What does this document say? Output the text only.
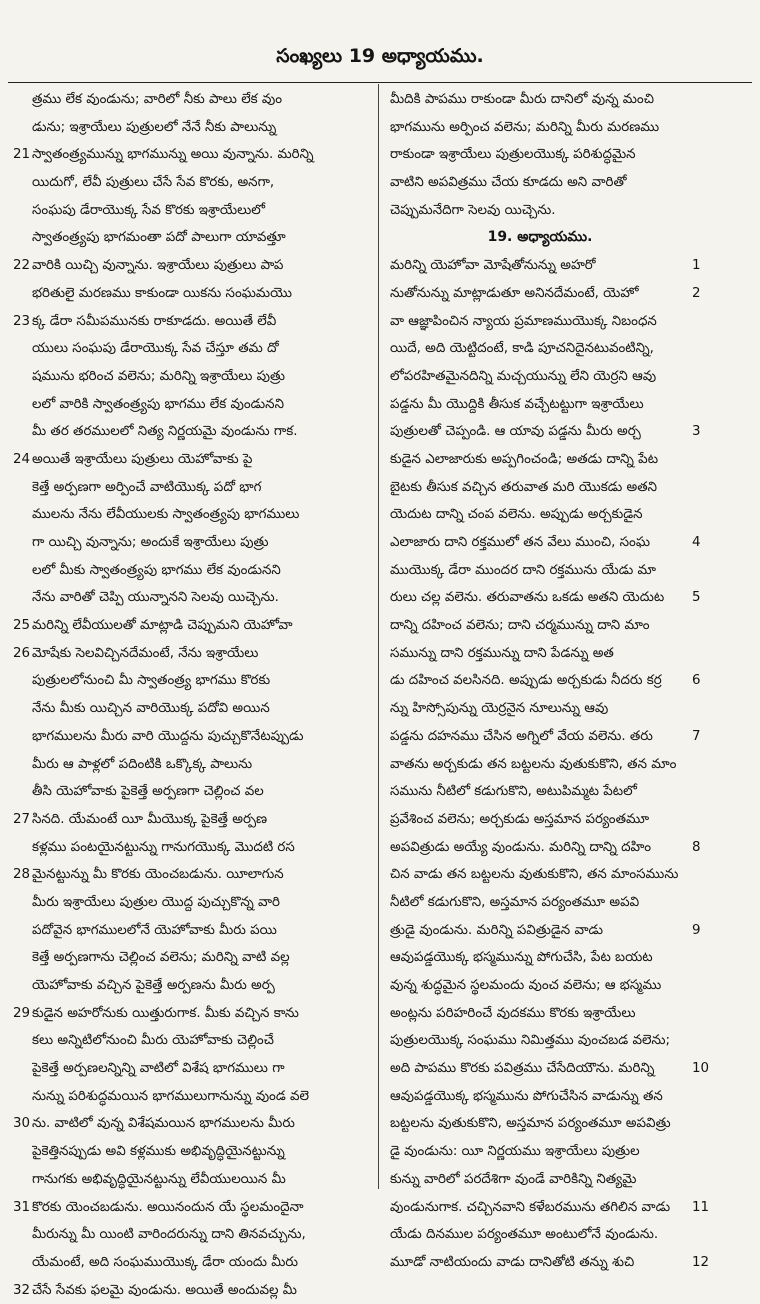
సంఖ్యలు 19 అధ్యాయము.
21
22
23
24
25
26
27
28
29
30
31
32
త్రము లేక వుండును; వారిలో నీకు పాలు లేక వుం
డును; ఇశ్రాయేలు పుత్రులలో నేనే నీకు పాలున్ను
స్వాతంత్ర్యమున్ను భాగమున్ను అయి వున్నాను. మరిన్ని
యిదుగో, లేవీ పుత్రులు చేసే సేవ కొరకు, అనగా,
సంఘపు డేరాయొక్క సేవ కొరకు ఇశ్రాయేలులో
స్వాతంత్ర్యపు భాగమంతా పదో పాలుగా యావత్తూ
వారికి యిచ్చి వున్నాను. ఇశ్రాయేలు పుత్రులు పాప
భరితులై మరణము కాకుండా యికను సంఘమయొ
క్క డేరా సమీపమునకు రాకూడదు. అయితే లేవీ
యులు సంఘపు డేరాయొక్క సేవ చేస్తూ తమ దో
షమును భరించ వలెను; మరిన్ని ఇశ్రాయేలు పుత్రు
లలో వారికి స్వాతంత్ర్యపు భాగము లేక వుండునని
మీ తర తరములలో నిత్య నిర్ణయమై వుండును గాక.
అయితే ఇశ్రాయేలు పుత్రులు యెహోవాకు పై
కెత్తే అర్పణగా అర్పించే వాటియొక్క పదో భాగ
ములను నేను లేవీయులకు స్వాతంత్ర్యపు భాగములు
గా యిచ్చి వున్నాను; అందుకే ఇశ్రాయేలు పుత్రు
లలో మీకు స్వాతంత్ర్యపు భాగము లేక వుండునని
నేను వారితో చెప్పి యున్నానని సెలవు యిచ్చెను.
మరిన్ని లేవీయులతో మాట్లాడి చెప్పుమని యెహోవా
మోషేకు సెలవిచ్చినదేమంటే, నేను ఇశ్రాయేలు
పుత్రులలోనుంచి మీ స్వాతంత్ర్య భాగము కొరకు
నేను మీకు యిచ్చిన వారియొక్క పదోవి అయిన
భాగములను మీరు వారి యొద్దను పుచ్చుకొనేటప్పుడు
మీరు ఆ పాళ్లలో పదింటికి ఒక్కొక్క పాలును
తీసి యెహోవాకు పైకెత్తే అర్పణగా చెల్లించ వల
సినది. యేమంటే యీ మీయొక్క పైకెత్తే అర్పణ
కళ్లము పంటయైనట్టున్ను గానుగయొక్క మొదటి రస
మైనట్టున్ను మీ కొరకు యెంచబడును. యీలాగున
మీరు ఇశ్రాయేలు పుత్రుల యొద్ద పుచ్చుకొన్న వారి
పదోవైన భాగములలోనే యెహోవాకు మీరు పయి
కెత్తే అర్పణగాను చెల్లించ వలెను; మరిన్ని వాటి వల్ల
యెహోవాకు వచ్చిన పైకెత్తే అర్పణను మీరు అర్ప
కుడైన అహరోనుకు యిత్తురుగాక. మీకు వచ్చిన కాను
కలు అన్నిటిలోనుంచి మీరు యెహోవాకు చెల్లించే
పైకెత్తే అర్పణలన్నిన్ని వాటిలో విశేష భాగములు గా
నున్ను పరిశుద్ధమయిన భాగములుగానున్ను వుండ వలె
ను. వాటిలో వున్న విశేషమయిన భాగములను మీరు
పైకెత్తినప్పుడు అవి కళ్లముకు అభివృద్ధియైనట్టున్ను
గానుగకు అభివృద్ధియైనట్టున్ను లేవీయులయిన మీ
కొరకు యెంచబడును. అయినందున యే స్థలమందైనా
మీరున్ను మీ యింటి వారిందరున్ను దాని తినవచ్చును,
యేమంటే, అది సంఘముయొక్క డేరా యందు మీరు
చేసే సేవకు ఫలమై వుండును. అయితే అందువల్ల మీ
మీదికి పాపము రాకుండా మీరు దానిలో వున్న మంచి
భాగమును అర్పించ వలెను; మరిన్ని మీరు మరణము
రాకుండా ఇశ్రాయేలు పుత్రులయొక్క పరిశుద్ధమైన
వాటిని అపవిత్రము చేయ కూడదు అని వారితో
చెప్పుమనేదిగా సెలవు యిచ్చెను.
19. అధ్యాయము.
మరిన్ని యెహోవా మోషేతోనున్ను అహరో
నుతోనున్ను మాట్లాడుతూ అనినదేమంటే, యెహో
వా ఆజ్ఞాపించిన న్యాయ ప్రమాణముయొక్క నిబంధన
యిదే, అది యెట్టిదంటే, కాడి పూచనిదైనటువంటిన్ని,
లోపరహితమైనదిన్ని మచ్చయున్ను లేని యెర్రని ఆవు
పడ్డను మీ యొద్దికి తీసుక వచ్చేటట్టుగా ఇశ్రాయేలు
పుత్రులతో చెప్పండి. ఆ యావు పడ్డను మీరు అర్చ
కుడైన ఎలాజారుకు అప్పగించండి; అతడు దాన్ని పేట
బైటకు తీసుక వచ్చిన తరువాత మరి యొకడు అతని
యెదుట దాన్ని చంప వలెను. అప్పుడు అర్చకుడైన
ఎలాజారు దాని రక్తములో తన వేలు ముంచి, సంఘ
ముయొక్క డేరా ముందర దాని రక్తమును యేడు మా
రులు చల్ల వలెను. తరువాతను ఒకడు అతని యెదుట
దాన్ని దహించ వలెను; దాని చర్మమున్ను దాని మాం
సమున్ను దాని రక్తమున్ను దాని పేడన్ను అత
డు దహించ వలసినది. అప్పుడు అర్చకుడు నీదరు కర్ర
న్ను హిస్సోపున్ను యెర్రనైన నూలున్ను ఆవు
పడ్డను దహనము చేసిన అగ్నిలో వేయ వలెను. తరు
వాతను అర్చకుడు తన బట్టలను వుతుకుకొని, తన మాం
సమును నీటిలో కడుగుకొని, అటుపిమ్మట పేటలో
ప్రవేశించ వలెను; అర్చకుడు అస్తమాన పర్యంతమూ
అపవిత్రుడు అయ్యే వుండును. మరిన్ని దాన్ని దహిం
చిన వాడు తన బట్టలను వుతుకుకొని, తన మాంసమును
నీటిలో కడుగుకొని, అస్తమాన పర్యంతమూ అపవి
త్రుడై వుండును. మరిన్ని పవిత్రుడైన వాడు
ఆవుపడ్డయొక్క భస్మమున్ను పోగుచేసి, పేట బయట
వున్న శుద్ధమైన స్థలమందు వుంచ వలెను; ఆ భస్మము
అంట్లను పరిహరించే వుదకము కొరకు ఇశ్రాయేలు
పుత్రులయొక్క సంఘము నిమిత్తము వుంచబడ వలెను;
అది పాపము కొరకు పవిత్రము చేసేదియౌను. మరిన్ని
ఆవుపడ్డయొక్క భస్మమును పోగుచేసిన వాడున్ను తన
బట్టలను వుతుకుకొని, అస్తమాన పర్యంతమూ అపవిత్రు
డై వుండును: యీ నిర్ణయము ఇశ్రాయేలు పుత్రుల
కున్ను వారిలో పరదేశిగా వుండే వారికిన్ని నిత్యమై
వుండునుగాక. చచ్చినవాని కళేబరమును తగిలిన వాడు
యేడు దినముల పర్యంతమూ అంటులోనే వుండును.
మూడో నాటియందు వాడు దానితోటి తన్ను శుచి
1
2
3
4
5
6
7
8
9
10
11
12
